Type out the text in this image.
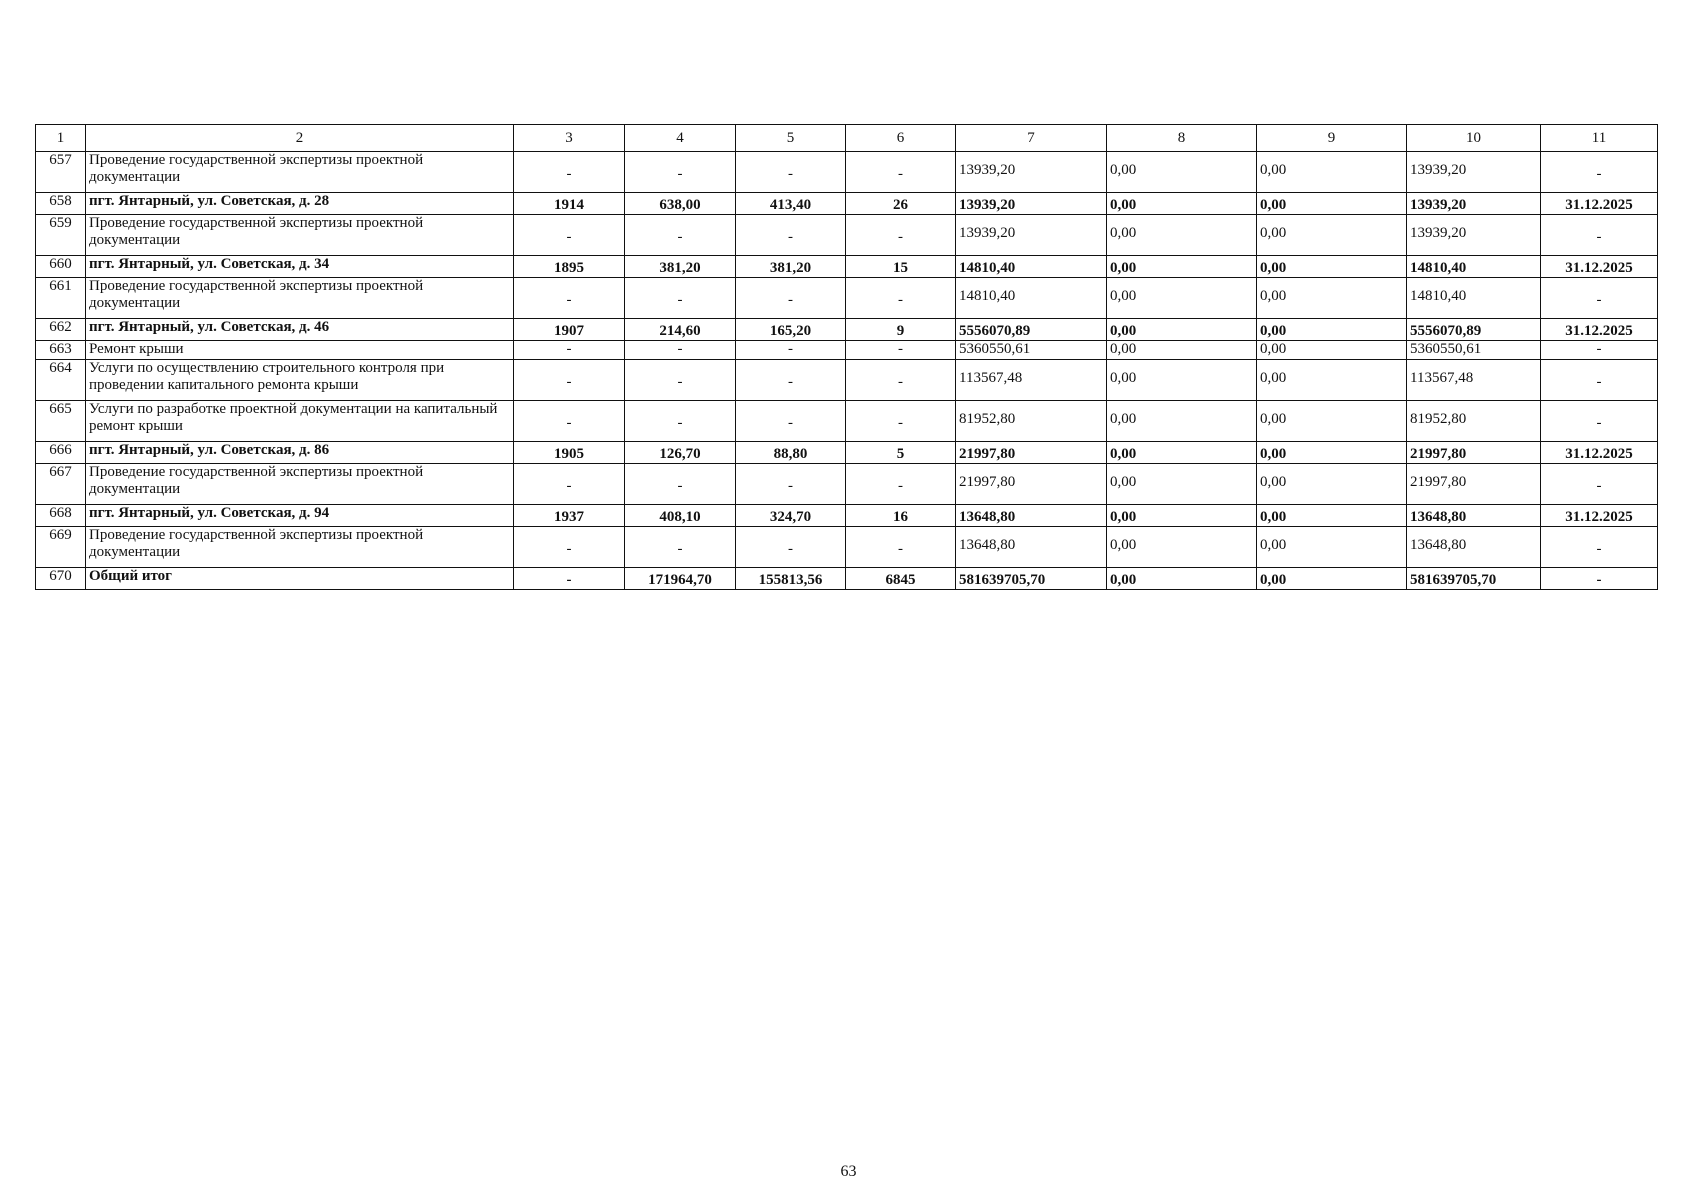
1	2	3	4	5	6	7	8	9	10	11
657	Проведение государственной экспертизы проектной документации	-	-	-	-	13939,20	0,00	0,00	13939,20	-

658	пгт. Янтарный, ул. Советская, д. 28	1914	638,00	413,40	26	13939,20	0,00	0,00	13939,20	31.12.2025
659	Проведение государственной экспертизы проектной документации	-	-	-	-	13939,20	0,00	0,00	13939,20	-

660	пгт. Янтарный, ул. Советская, д. 34	1895	381,20	381,20	15	14810,40	0,00	0,00	14810,40	31.12.2025
661	Проведение государственной экспертизы проектной документации	-	-	-	-	14810,40	0,00	0,00	14810,40	-

662	пгт. Янтарный, ул. Советская, д. 46	1907	214,60	165,20	9	5556070,89	0,00	0,00	5556070,89	31.12.2025
663	Ремонт крыши	-	-	-	-	5360550,61	0,00	0,00	5360550,61	-
664	Услуги по осуществлению строительного контроля при проведении капитального ремонта крыши	-	-	-	-	113567,48	0,00	0,00	113567,48	-

665	Услуги по разработке проектной документации на капитальный ремонт крыши	-	-	-	-	81952,80	0,00	0,00	81952,80	-

666	пгт. Янтарный, ул. Советская, д. 86	1905	126,70	88,80	5	21997,80	0,00	0,00	21997,80	31.12.2025
667	Проведение государственной экспертизы проектной документации	-	-	-	-	21997,80	0,00	0,00	21997,80	-

668	пгт. Янтарный, ул. Советская, д. 94	1937	408,10	324,70	16	13648,80	0,00	0,00	13648,80	31.12.2025
669	Проведение государственной экспертизы проектной документации	-	-	-	-	13648,80	0,00	0,00	13648,80	-

670	Общий итог	-	171964,70	155813,56	6845	581639705,70	0,00	0,00	581639705,70	-
63
